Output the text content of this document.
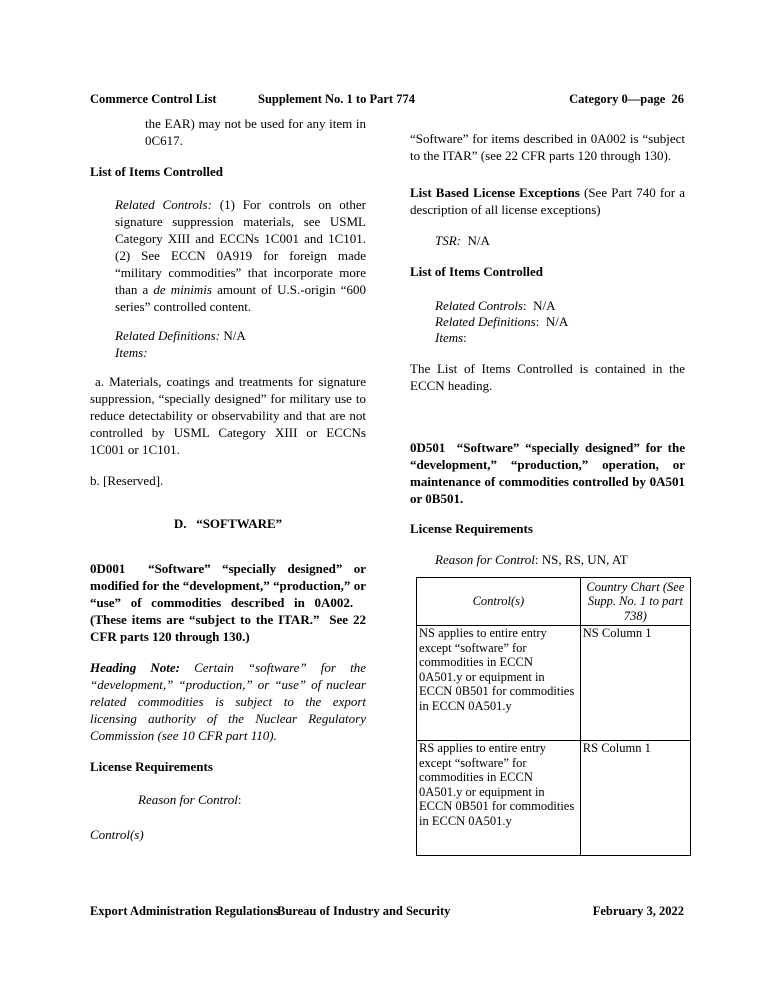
Commerce Control List	Supplement No. 1 to Part 774	Category 0—page  26

the EAR) may not be used for any item in 0C617.

List of Items Controlled

Related Controls: (1) For controls on other signature suppression materials, see USML Category XIII and ECCNs 1C001 and 1C101. (2) See ECCN 0A919 for foreign made “military commodities” that incorporate more than a de minimis amount of U.S.-origin “600 series” controlled content.

Related Definitions: N/A

Items:

a. Materials, coatings and treatments for signature suppression, “specially designed” for military use to reduce detectability or observability and that are not controlled by USML Category XIII or ECCNs 1C001 or 1C101.

b. [Reserved].

D.   “SOFTWARE”

0D001  “Software” “specially designed” or modified for the “development,” “production,” or “use” of commodities described in 0A002.   (These items are “subject to the ITAR.”  See 22 CFR parts 120 through 130.)

Heading Note: Certain “software” for the “development,” “production,” or “use” of nuclear related commodities is subject to the export licensing authority of the Nuclear Regulatory Commission (see 10 CFR part 110).

License Requirements

Reason for Control:

Control(s)

“Software” for items described in 0A002 is “subject to the ITAR” (see 22 CFR parts 120 through 130).

List Based License Exceptions (See Part 740 for a description of all license exceptions)

TSR:  N/A

List of Items Controlled

Related Controls:  N/A

Related Definitions:  N/A

Items:

The List of Items Controlled is contained in the ECCN heading.

0D501  “Software” “specially designed” for the “development,” “production,” operation, or maintenance of commodities controlled by 0A501 or 0B501.

License Requirements

Reason for Control: NS, RS, UN, AT

Control(s)	Country Chart (See Supp. No. 1 to part 738)
NS applies to entire entry except “software” for commodities in ECCN 0A501.y or equipment in ECCN 0B501 for commodities in ECCN 0A501.y	NS Column 1
RS applies to entire entry except “software” for commodities in ECCN 0A501.y or equipment in ECCN 0B501 for commodities in ECCN 0A501.y	RS Column 1
Export Administration Regulations
Bureau of Industry and Security	February 3, 2022
